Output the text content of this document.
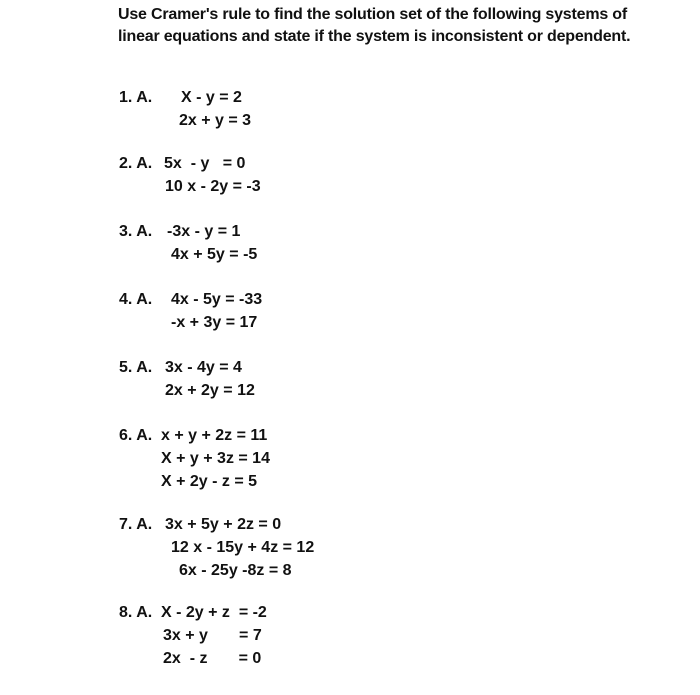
Use Cramer's rule to find the solution set of the following systems of
linear equations and state if the system is inconsistent or dependent.
1. A. X - y = 2
2x + y = 3
2. A. 5x  - y   = 0
10 x - 2y = -3
3. A. -3x - y = 1
4x + 5y = -5
4. A. 4x - 5y = -33
-x + 3y = 17
5. A. 3x - 4y = 4
2x + 2y = 12
6. A. x + y + 2z = 11
X + y + 3z = 14
X + 2y - z = 5
7. A. 3x + 5y + 2z = 0
12 x - 15y + 4z = 12
6x - 25y -8z = 8
8. A. X - 2y + z  = -2
3x + y       = 7
2x  - z       = 0
